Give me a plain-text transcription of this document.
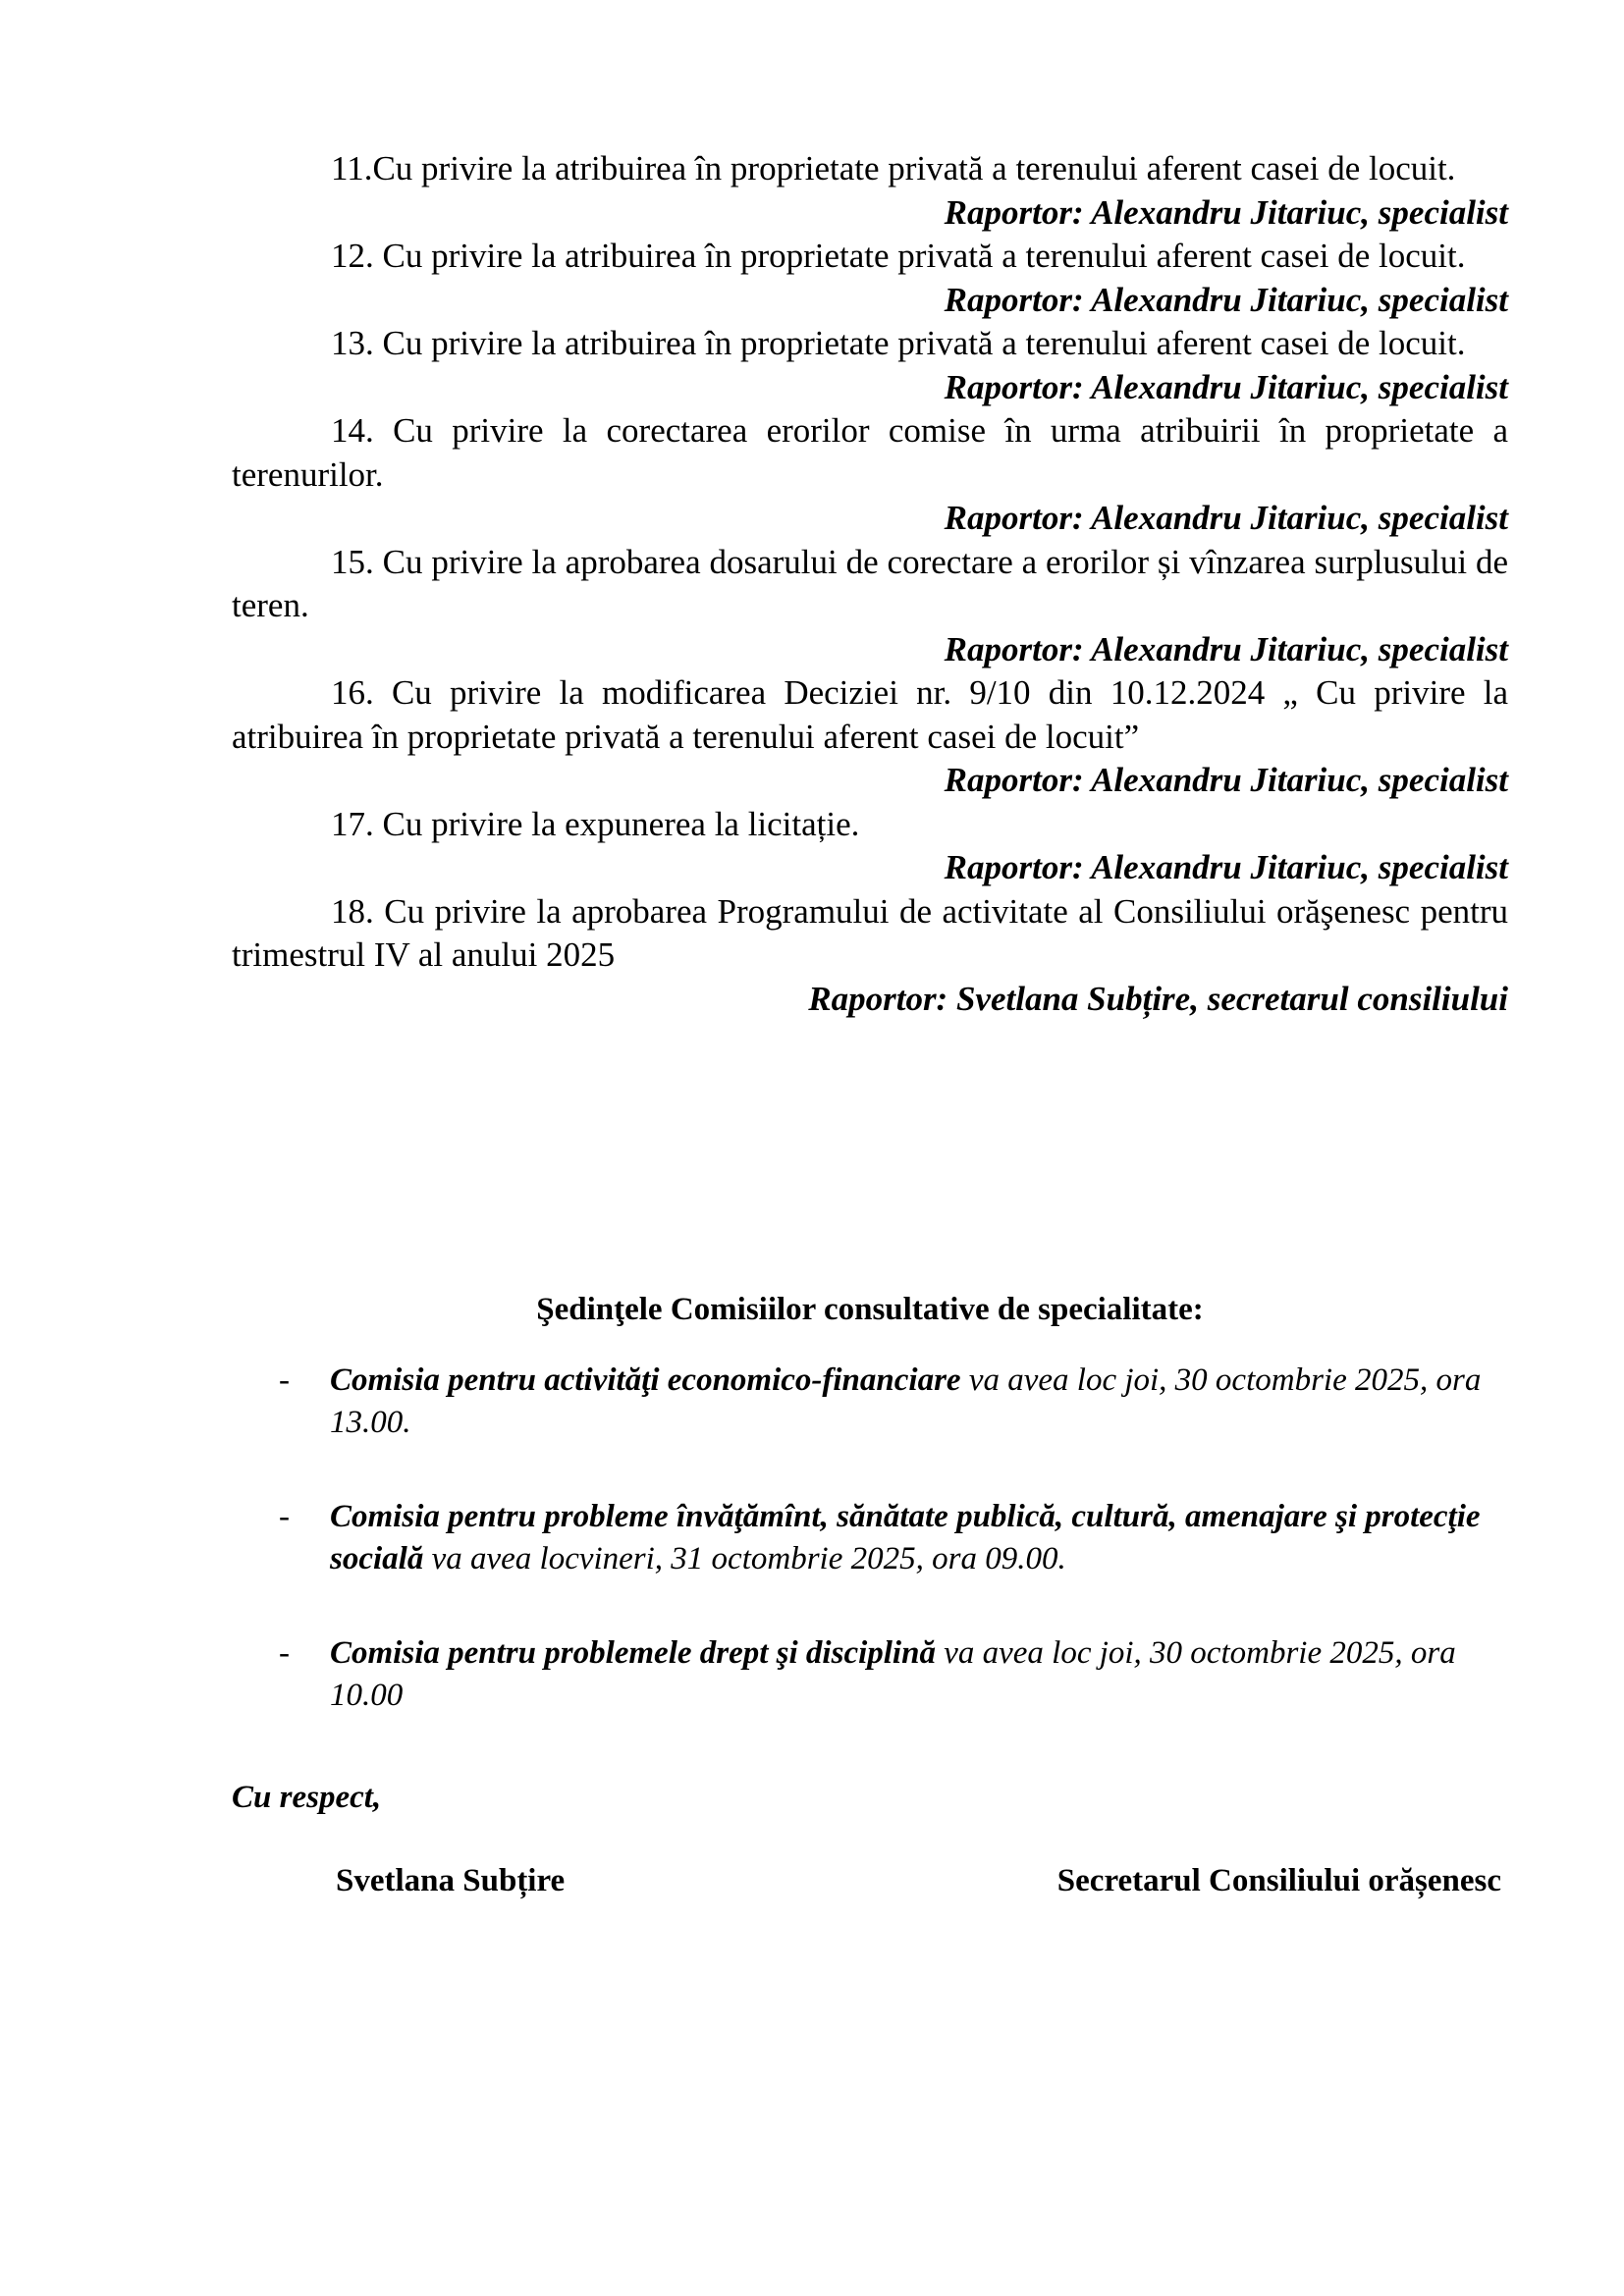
11.Cu privire la atribuirea în proprietate privată a terenului aferent casei de locuit.

Raportor: Alexandru Jitariuc, specialist

12. Cu privire la atribuirea în proprietate privată a terenului aferent casei de locuit.

Raportor: Alexandru Jitariuc, specialist

13. Cu privire la atribuirea în proprietate privată a terenului aferent casei de locuit.

Raportor: Alexandru Jitariuc, specialist

14. Cu privire la corectarea erorilor comise în urma atribuirii în proprietate a terenurilor.

Raportor: Alexandru Jitariuc, specialist

15. Cu privire la aprobarea dosarului de corectare a erorilor și vînzarea surplusului de teren.

Raportor: Alexandru Jitariuc, specialist

16. Cu privire la modificarea Deciziei nr. 9/10 din 10.12.2024 „ Cu privire la atribuirea în proprietate privată a terenului aferent casei de locuit”

Raportor: Alexandru Jitariuc, specialist

17. Cu privire la expunerea la licitație.

Raportor: Alexandru Jitariuc, specialist

18. Cu privire la aprobarea Programului de activitate al Consiliului orăşenesc pentru trimestrul IV al anului 2025

Raportor: Svetlana Subțire, secretarul consiliului

Şedinţele Comisiilor consultative de specialitate:
- Comisia pentru activităţi economico-financiare va avea loc joi, 30 octombrie 2025, ora 13.00.
- Comisia pentru probleme învăţămînt, sănătate publică, cultură, amenajare şi protecţie socială va avea locvineri, 31 octombrie 2025, ora 09.00.
- Comisia pentru problemele drept şi disciplină va avea loc joi, 30 octombrie 2025, ora 10.00
Cu respect,
Svetlana Subțire	Secretarul Consiliului orășenesc
